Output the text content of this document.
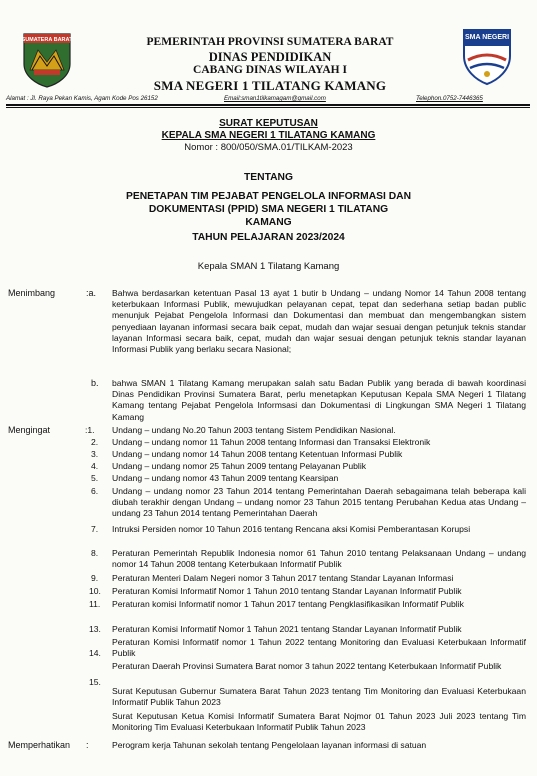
SUMATERA BARAT	PEMERINTAH PROVINSI SUMATERA BARAT
DINAS PENDIDIKAN
CABANG DINAS WILAYAH I
SMA NEGERI 1 TILATANG KAMANG
SMA NEGERI
Alamat : Jl. Raya Pekan Kamis, Agam Kode Pos 26152	Email:sman1tilkamagam@gmail.com	Telephon.0752-7446365
SURAT KEPUTUSAN
KEPALA SMA NEGERI 1 TILATANG KAMANG
Nomor : 800/050/SMA.01/TILKAM-2023
TENTANG
PENETAPAN TIM PEJABAT PENGELOLA INFORMASI DAN
DOKUMENTASI (PPID) SMA NEGERI 1 TILATANG
KAMANG
TAHUN PELAJARAN 2023/2024
Kepala SMAN 1 Tilatang Kamang
Menimbang	:a. Bahwa berdasarkan ketentuan Pasal 13 ayat 1 butir b Undang – undang Nomor 14 Tahun 2008 tentang keterbukaan Informasi Publik, mewujudkan pelayanan cepat, tepat dan sederhana setiap badan public menunjuk Pejabat Pengelola Informasi dan Dokumentasi dan membuat dan mengembangkan sistem penyediaan layanan informasi secara baik cepat, mudah dan wajar sesuai dengan petunjuk teknis standar layanan Informasi secara baik, cepat, mudah dan wajar sesuai dengan petunjuk teknis standar layanan Informasi Publik yang berlaku secara Nasional;
b. bahwa SMAN 1 Tilatang Kamang merupakan salah satu Badan Publik yang berada di bawah koordinasi Dinas Pendidikan Provinsi Sumatera Barat, perlu menetapkan Keputusan Kepala SMA Negeri 1 Tilatang Kamang tentang Pejabat Pengelola Informsasi dan Dokumentasi di Lingkungan SMA Negeri 1 Tilatang Kamang
Mengingat	:1.	Undang – undang No.20 Tahun 2003 tentang Sistem Pendidikan Nasional.
2.	Undang – undang nomor 11 Tahun 2008 tentang Informasi dan Transaksi Elektronik
3.	Undang – undang nomor 14 Tahun 2008 tentang Ketentuan Informasi Publik
4.	Undang – undang nomor 25 Tahun 2009 tentang Pelayanan Publik
5.	Undang – undang nomor 43 Tahun 2009 tentang Kearsipan
6.	Undang – undang nomor 23 Tahun 2014 tentang Pemerintahan Daerah sebagaimana telah beberapa kali diubah terakhir dengan Undang – undang nomor 23 Tahun 2015 tentang Perubahan Kedua atas Undang – undang 23 Tahun 2014 tentang Pemerintahan Daerah
7.	Intruksi Persiden nomor 10 Tahun 2016 tentang Rencana aksi Komisi Pemberantasan Korupsi
8.	Peraturan Pemerintah Republik Indonesia nomor 61 Tahun 2010 tentang Pelaksanaan Undang – undang nomor 14 Tahun 2008 tentang Keterbukaan Informatif Publik
9.	Peraturan Menteri Dalam Negeri nomor 3 Tahun 2017 tentang Standar Layanan Informasi
10.	Peraturan Komisi Informatif Nomor 1 Tahun 2010 tentang Standar Layanan Informatif Publik
11.	Peraturan komisi Informatif nomor 1 Tahun 2017 tentang Pengklasifikasikan Informatif Publik
13.	Peraturan Komisi Informatif Nomor 1 Tahun 2021 tentang Standar Layanan Informatif Publik
14.
Peraturan Komisi Informatif nomor 1 Tahun 2022 tentang Monitoring dan Evaluasi Keterbukaan Informatif Publik
Peraturan Daerah Provinsi Sumatera Barat nomor 3 tahun 2022 tentang Keterbukaan Informatif Publik
15.
Surat Keputusan Gubernur Sumatera Barat Tahun 2023 tentang Tim Monitoring dan Evaluasi Keterbukaan Informatif Publik Tahun 2023
Surat Keputusan Ketua Komisi Informatif Sumatera Barat Nojmor 01 Tahun 2023 Juli 2023 tentang Tim Monitoring Tim Evaluasi Keterbukaan Informatif Publik Tahun 2023
Memperhatikan :	Perogram kerja Tahunan sekolah tentang Pengelolaan layanan informasi di satuan
